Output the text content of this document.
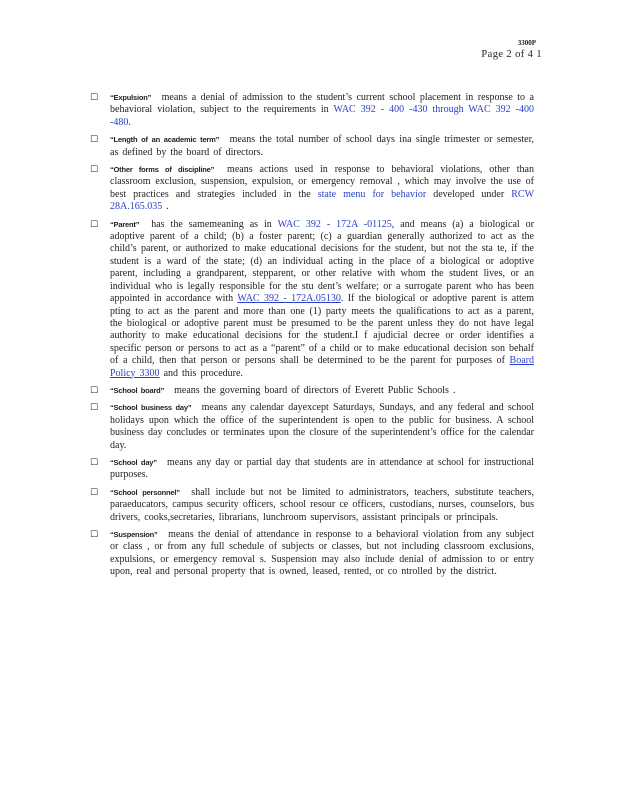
3300P
Page 2 of 4 1
☐ “Expulsion” means a denial of admission to the student’s current school placement in response to a behavioral violation, subject to the requirements in WAC 392 - 400 -430 through WAC 392 -400 -480.
☐ “Length of an academic term” means the total number of school days ina single trimester or semester, as defined by the board of directors.
☐ “Other forms of discipline” means actions used in response to behavioral violations, other than classroom exclusion, suspension, expulsion, or emergency removal , which may involve the use of best practices and strategies included in the state menu for behavior developed under RCW 28A.165.035 .
☐ “Parent” has the samemeaning as in WAC 392 - 172A -01125, and means (a) a biological or adoptive parent of a child; (b) a foster parent; (c) a guardian generally authorized to act as the child’s parent, or authorized to make educational decisions for the student, but not the sta te, if the student is a ward of the state; (d) an individual acting in the place of a biological or adoptive parent, including a grandparent, stepparent, or other relative with whom the student lives, or an individual who is legally responsible for the stu dent’s welfare; or a surrogate parent who has been appointed in accordance with WAC 392 - 172A.05130. If the biological or adoptive parent is attem pting to act as the parent and more than one (1) party meets the qualifications to act as a parent, the biological or adoptive parent must be presumed to be the parent unless they do not have legal authority to make educational decisions for the student.I f ajudicial decree or order identifies a specific person or persons to act as a “parent” of a child or to make educational decision son behalf of a child, then that person or persons shall be determined to be the parent for purposes of Board Policy 3300 and this procedure.
☐ “School board” means the governing board of directors of Everett Public Schools .
☐ “School business day” means any calendar dayexcept Saturdays, Sundays, and any federal and school holidays upon which the office of the superintendent is open to the public for business. A school business day concludes or terminates upon the closure of the superintendent’s office for the calendar day.
☐ “School day” means any day or partial day that students are in attendance at school for instructional purposes.
☐ “School personnel” shall include but not be limited to administrators, teachers, substitute teachers, paraeducators, campus security officers, school resour ce officers, custodians, nurses, counselors, bus drivers, cooks,secretaries, librarians, lunchroom supervisors, assistant principals or principals.
☐ “Suspension” means the denial of attendance in response to a behavioral violation from any subject or class , or from any full schedule of subjects or classes, but not including classroom exclusions, expulsions, or emergency removal s. Suspension may also include denial of admission to or entry upon, real and personal property that is owned, leased, rented, or co ntrolled by the district.
